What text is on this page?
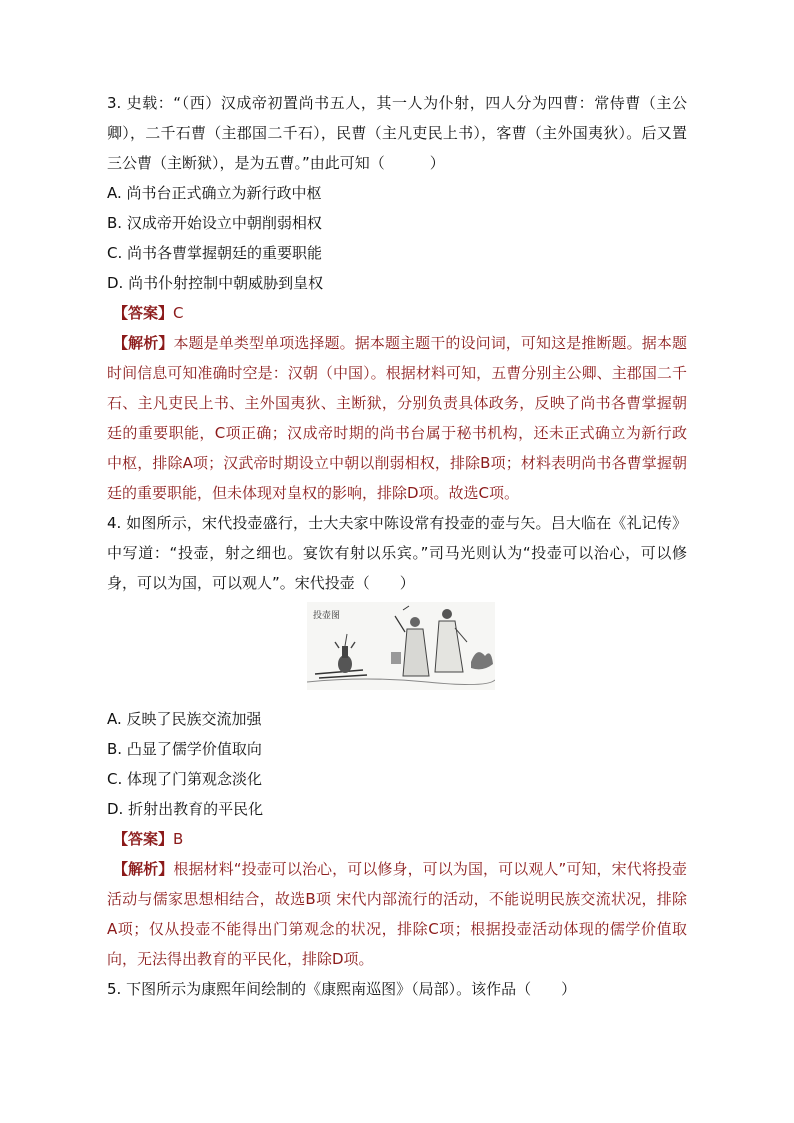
3. 史载：“（西）汉成帝初置尚书五人，其一人为仆射，四人分为四曹：常侍曹（主公卿），二千石曹（主郡国二千石），民曹（主凡吏民上书），客曹（主外国夷狄）。后又置三公曹（主断狱），是为五曹。”由此可知（　　　）
A. 尚书台正式确立为新行政中枢
B. 汉成帝开始设立中朝削弱相权
C. 尚书各曹掌握朝廷的重要职能
D. 尚书仆射控制中朝威胁到皇权
【答案】C
【解析】本题是单类型单项选择题。据本题主题干的设问词，可知这是推断题。据本题时间信息可知准确时空是：汉朝（中国）。根据材料可知，五曹分别主公卿、主郡国二千石、主凡吏民上书、主外国夷狄、主断狱，分别负责具体政务，反映了尚书各曹掌握朝廷的重要职能，C项正确；汉成帝时期的尚书台属于秘书机构，还未正式确立为新行政中枢，排除A项；汉武帝时期设立中朝以削弱相权，排除B项；材料表明尚书各曹掌握朝廷的重要职能，但未体现对皇权的影响，排除D项。故选C项。
4. 如图所示，宋代投壶盛行，士大夫家中陈设常有投壶的壶与矢。吕大临在《礼记传》中写道：“投壶，射之细也。宴饮有射以乐宾。”司马光则认为“投壶可以治心，可以修身，可以为国，可以观人”。宋代投壶（　　）
投壶图
A. 反映了民族交流加强
B. 凸显了儒学价值取向
C. 体现了门第观念淡化
D. 折射出教育的平民化
【答案】B
【解析】根据材料“投壶可以治心，可以修身，可以为国，可以观人”可知，宋代将投壶活动与儒家思想相结合，故选B项 宋代内部流行的活动，不能说明民族交流状况，排除A项；仅从投壶不能得出门第观念的状况，排除C项；根据投壶活动体现的儒学价值取向，无法得出教育的平民化，排除D项。
5. 下图所示为康熙年间绘制的《康熙南巡图》（局部）。该作品（　　）
